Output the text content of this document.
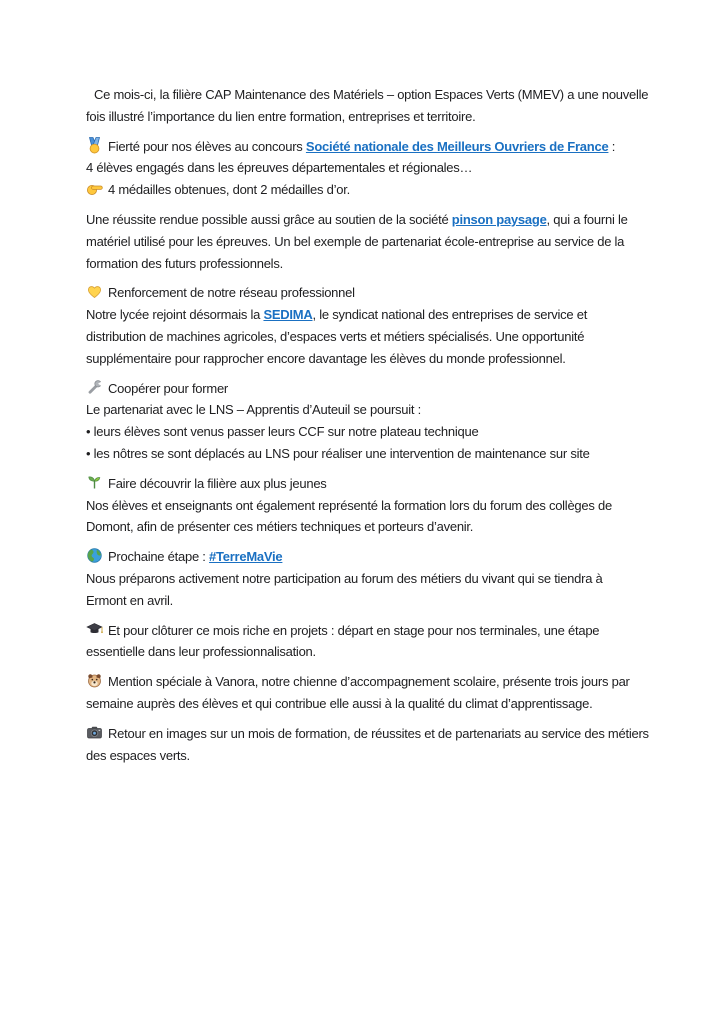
Ce mois-ci, la filière CAP Maintenance des Matériels – option Espaces Verts (MMEV) a une nouvelle
fois illustré l’importance du lien entre formation, entreprises et territoire.
Fierté pour nos élèves au concours Société nationale des Meilleurs Ouvriers de France :
4 élèves engagés dans les épreuves départementales et régionales…
4 médailles obtenues, dont 2 médailles d’or.
Une réussite rendue possible aussi grâce au soutien de la société pinson paysage, qui a fourni le
matériel utilisé pour les épreuves. Un bel exemple de partenariat école-entreprise au service de la
formation des futurs professionnels.
Renforcement de notre réseau professionnel
Notre lycée rejoint désormais la SEDIMA, le syndicat national des entreprises de service et
distribution de machines agricoles, d’espaces verts et métiers spécialisés. Une opportunité
supplémentaire pour rapprocher encore davantage les élèves du monde professionnel.
Coopérer pour former
Le partenariat avec le LNS – Apprentis d’Auteuil se poursuit :
• leurs élèves sont venus passer leurs CCF sur notre plateau technique
• les nôtres se sont déplacés au LNS pour réaliser une intervention de maintenance sur site
Faire découvrir la filière aux plus jeunes
Nos élèves et enseignants ont également représenté la formation lors du forum des collèges de
Domont, afin de présenter ces métiers techniques et porteurs d’avenir.
Prochaine étape : #TerreMaVie
Nous préparons activement notre participation au forum des métiers du vivant qui se tiendra à
Ermont en avril.
Et pour clôturer ce mois riche en projets : départ en stage pour nos terminales, une étape
essentielle dans leur professionnalisation.
Mention spéciale à Vanora, notre chienne d’accompagnement scolaire, présente trois jours par
semaine auprès des élèves et qui contribue elle aussi à la qualité du climat d’apprentissage.
Retour en images sur un mois de formation, de réussites et de partenariats au service des métiers
des espaces verts.
